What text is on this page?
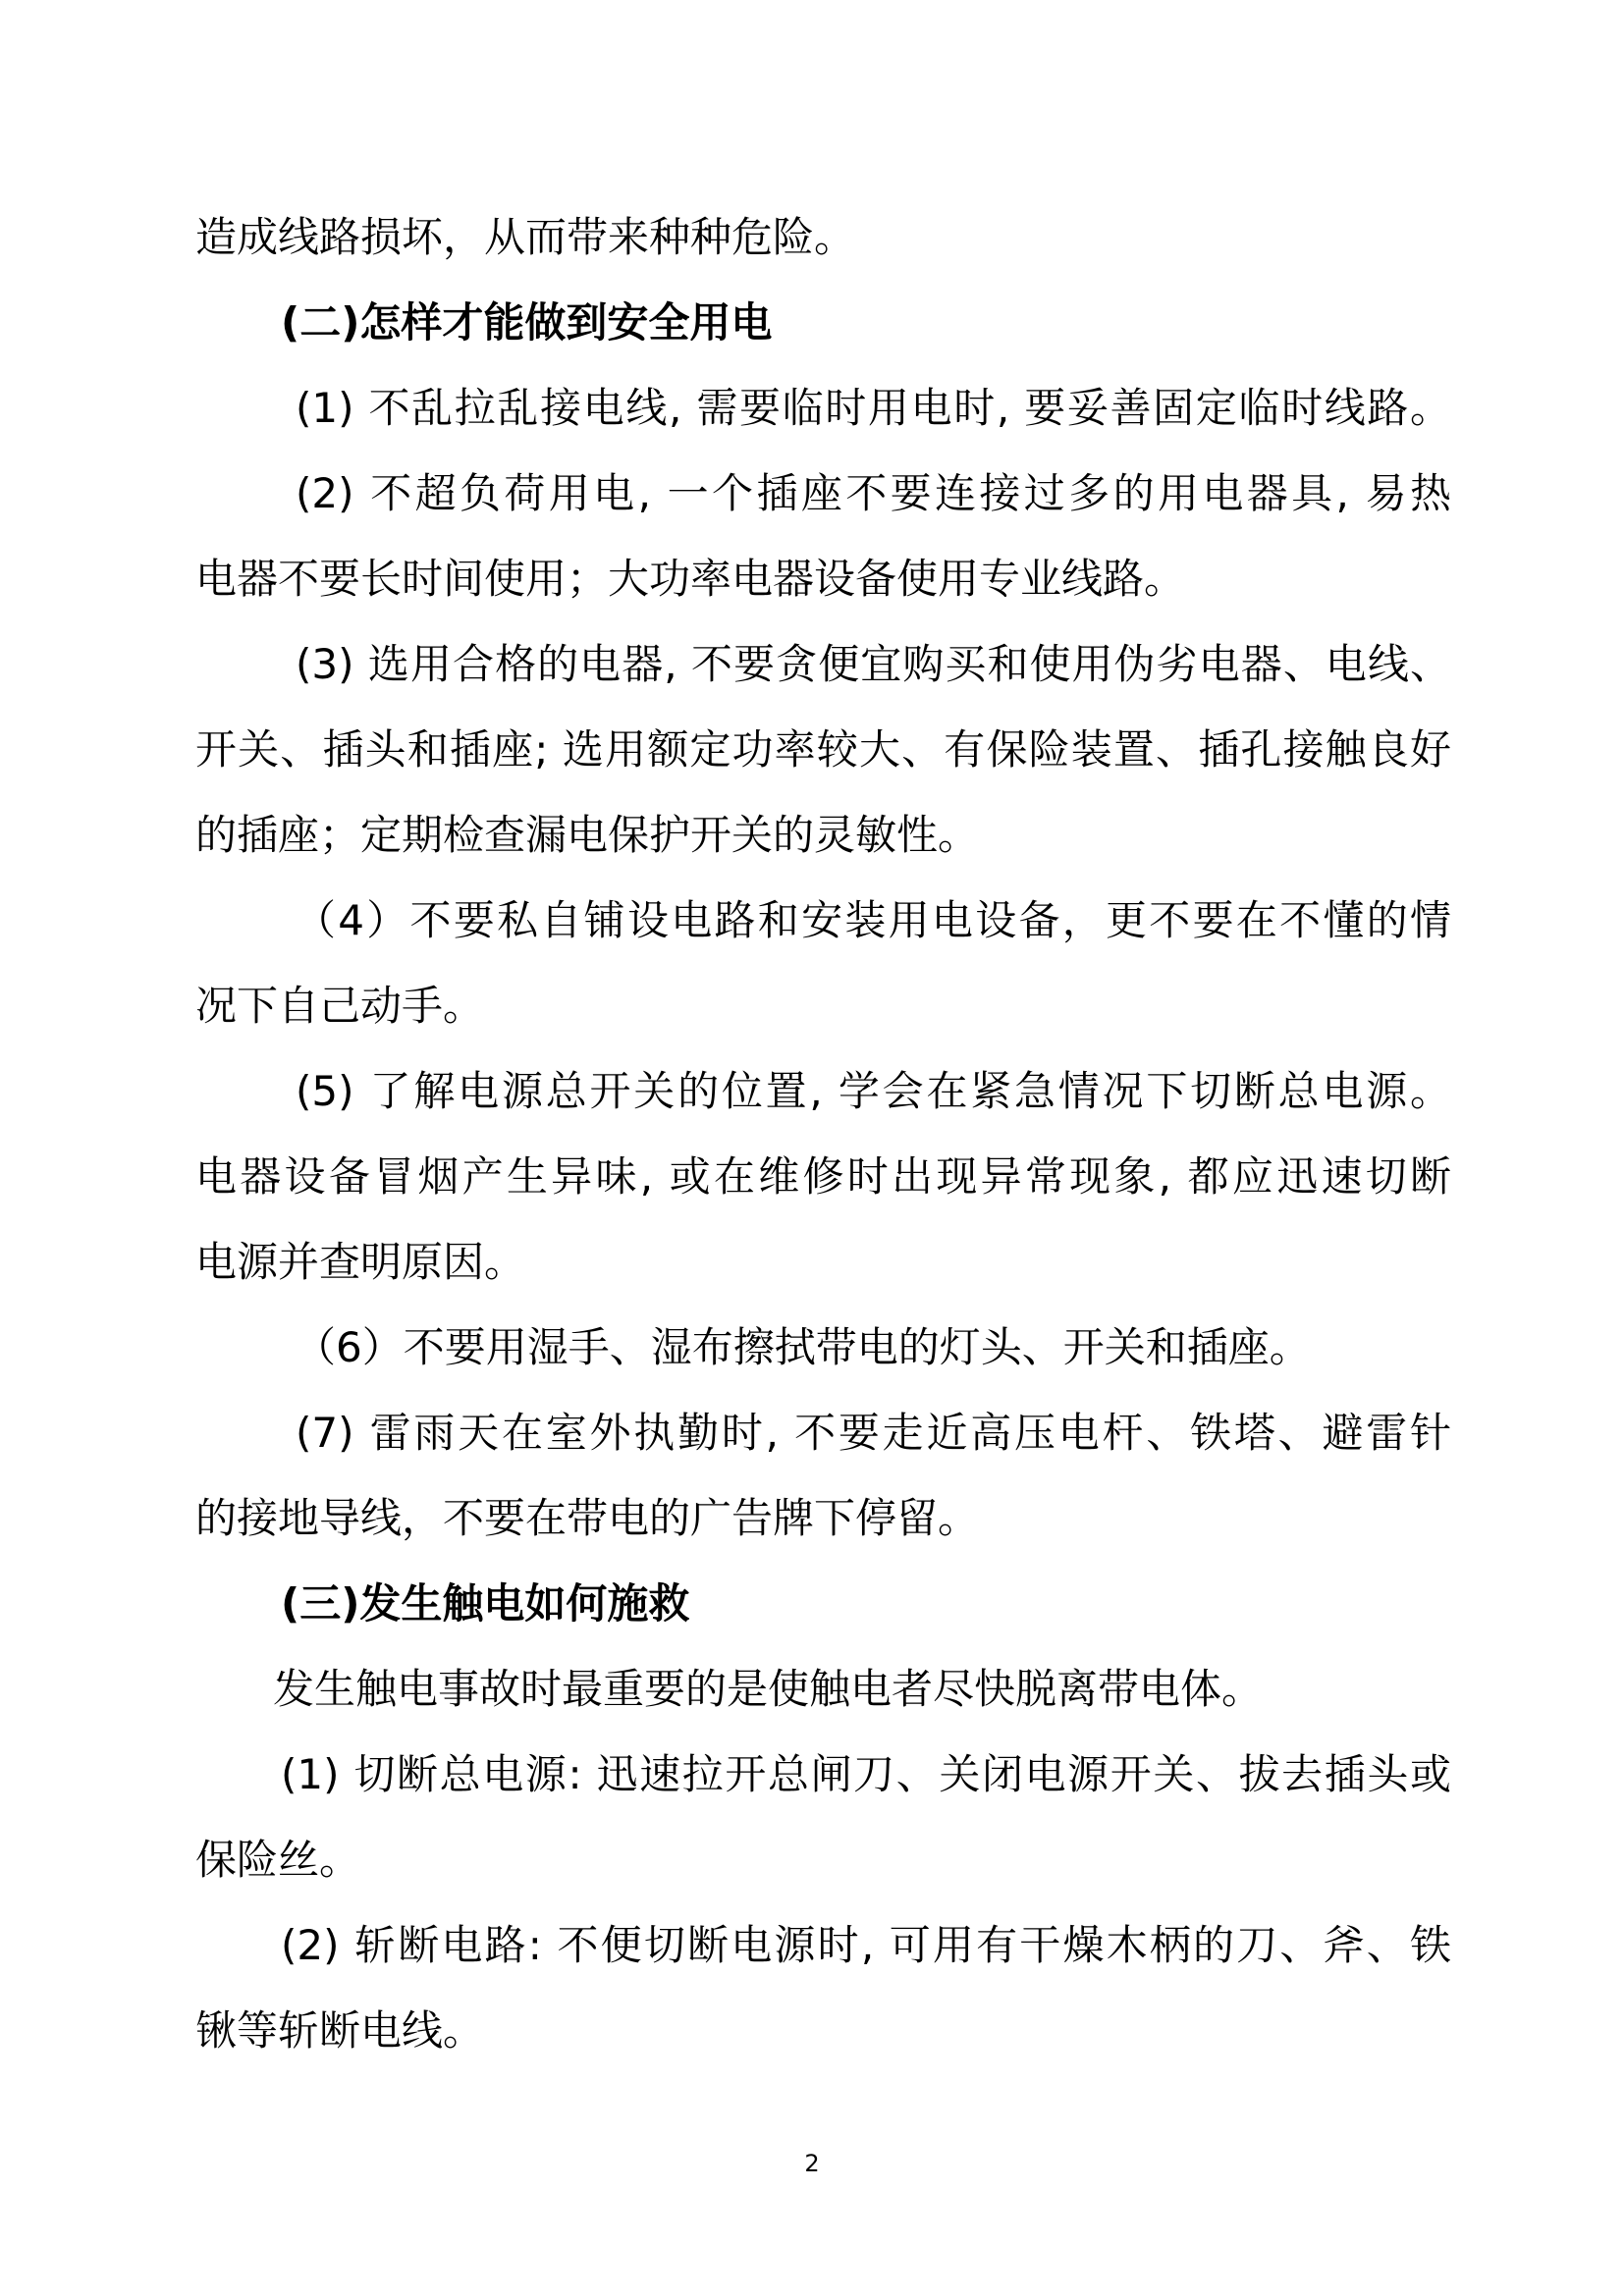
造成线路损坏，从而带来种种危险。
(二)怎样才能做到安全用电
(1) 不乱拉乱接电线, 需要临时用电时, 要妥善固定临时线路。
(2) 不超负荷用电, 一个插座不要连接过多的用电器具, 易热
电器不要长时间使用；大功率电器设备使用专业线路。
(3) 选用合格的电器, 不要贪便宜购买和使用伪劣电器、电线、
开关、插头和插座; 选用额定功率较大、有保险装置、插孔接触良好
的插座；定期检查漏电保护开关的灵敏性。
（4）不要私自铺设电路和安装用电设备，更不要在不懂的情
况下自己动手。
(5) 了解电源总开关的位置, 学会在紧急情况下切断总电源。
电器设备冒烟产生异味, 或在维修时出现异常现象, 都应迅速切断
电源并查明原因。
（6）不要用湿手、湿布擦拭带电的灯头、开关和插座。
(7) 雷雨天在室外执勤时, 不要走近高压电杆、铁塔、避雷针
的接地导线，不要在带电的广告牌下停留。
(三)发生触电如何施救
发生触电事故时最重要的是使触电者尽快脱离带电体。
(1) 切断总电源: 迅速拉开总闸刀、关闭电源开关、拔去插头或
保险丝。
(2) 斩断电路: 不便切断电源时, 可用有干燥木柄的刀、斧、铁
锹等斩断电线。
2
